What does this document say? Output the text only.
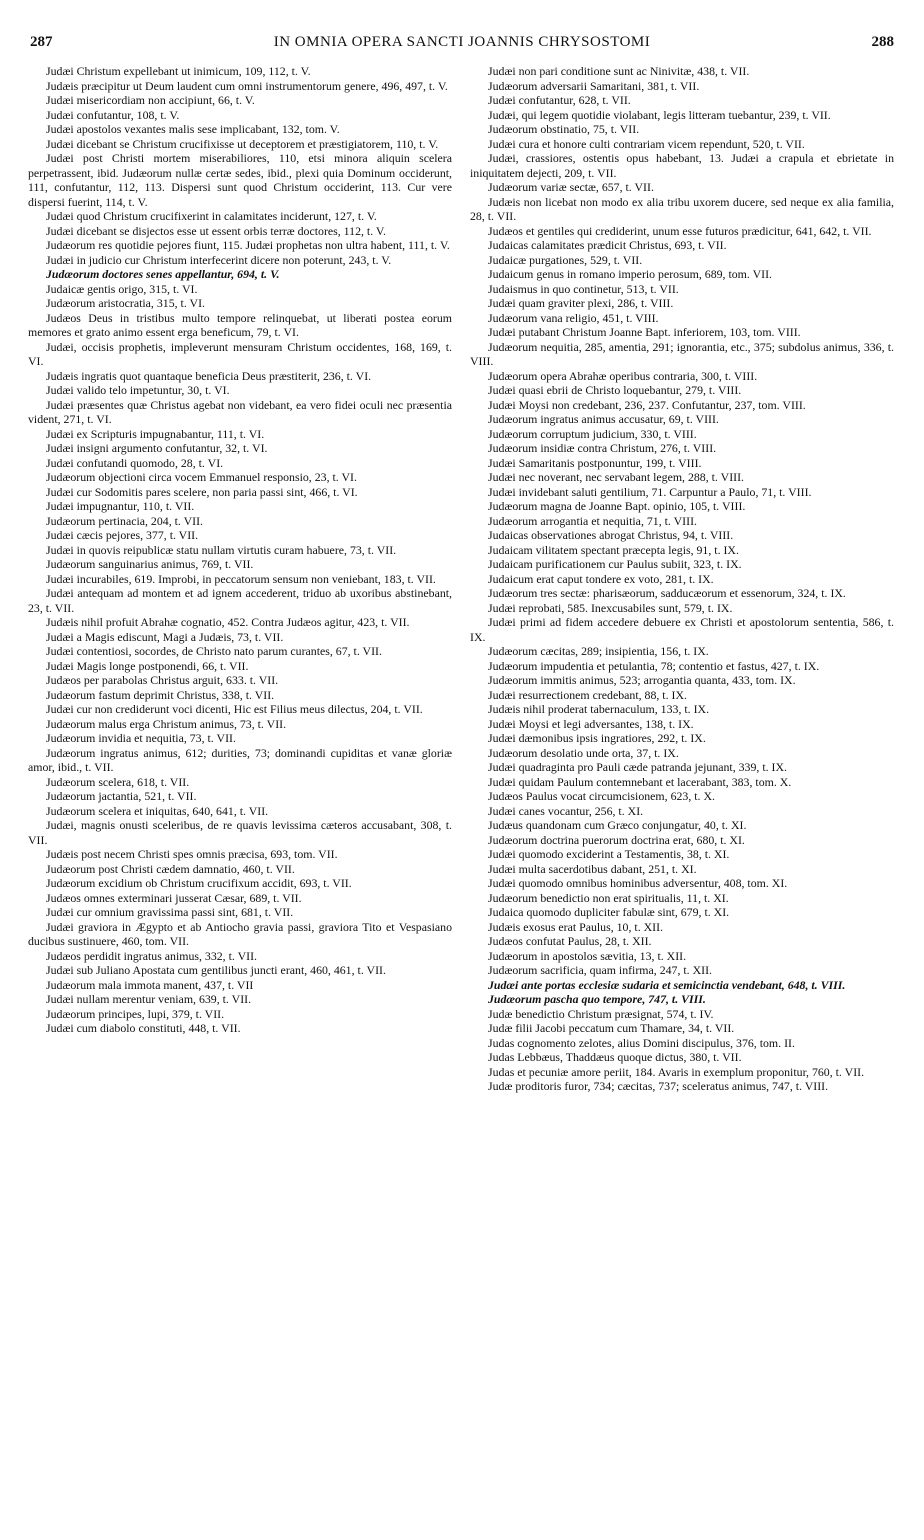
287	IN OMNIA OPERA SANCTI JOANNIS CHRYSOSTOMI	288

Judæi Christum expellebant ut inimicum, 109, 112, t. V.

Judæis præcipitur ut Deum laudent cum omni instrumentorum genere, 496, 497, t. V.

Judæi misericordiam non accipiunt, 66, t. V.

Judæi confutantur, 108, t. V.

Judæi apostolos vexantes malis sese implicabant, 132, tom. V.

Judæi dicebant se Christum crucifixisse ut deceptorem et præstigiatorem, 110, t. V.

Judæi post Christi mortem miserabiliores, 110, etsi minora aliquin scelera perpetrassent, ibid. Judæorum nullæ certæ sedes, ibid., plexi quia Dominum occiderunt, 111, confutantur, 112, 113. Dispersi sunt quod Christum occiderint, 113. Cur vere dispersi fuerint, 114, t. V.

Judæi quod Christum crucifixerint in calamitates inciderunt, 127, t. V.

Judæi dicebant se disjectos esse ut essent orbis terræ doctores, 112, t. V.

Judæorum res quotidie pejores fiunt, 115. Judæi prophetas non ultra habent, 111, t. V.

Judæi in judicio cur Christum interfecerint dicere non poterunt, 243, t. V.

Judæorum doctores senes appellantur, 694, t. V.

Judaicæ gentis origo, 315, t. VI.

Judæorum aristocratia, 315, t. VI.

Judæos Deus in tristibus multo tempore relinquebat, ut liberati postea eorum memores et grato animo essent erga beneficum, 79, t. VI.

Judæi, occisis prophetis, impleverunt mensuram Christum occidentes, 168, 169, t. VI.

Judæis ingratis quot quantaque beneficia Deus præstiterit, 236, t. VI.

Judæi valido telo impetuntur, 30, t. VI.

Judæi præsentes quæ Christus agebat non videbant, ea vero fidei oculi nec præsentia vident, 271, t. VI.

Judæi ex Scripturis impugnabantur, 111, t. VI.

Judæi insigni argumento confutantur, 32, t. VI.

Judæi confutandi quomodo, 28, t. VI.

Judæorum objectioni circa vocem Emmanuel responsio, 23, t. VI.

Judæi cur Sodomitis pares scelere, non paria passi sint, 466, t. VI.

Judæi impugnantur, 110, t. VII.

Judæorum pertinacia, 204, t. VII.

Judæi cæcis pejores, 377, t. VII.

Judæi in quovis reipublicæ statu nullam virtutis curam habuere, 73, t. VII.

Judæorum sanguinarius animus, 769, t. VII.

Judæi incurabiles, 619. Improbi, in peccatorum sensum non veniebant, 183, t. VII.

Judæi antequam ad montem et ad ignem accederent, triduo ab uxoribus abstinebant, 23, t. VII.

Judæis nihil profuit Abrahæ cognatio, 452. Contra Judæos agitur, 423, t. VII.

Judæi a Magis ediscunt, Magi a Judæis, 73, t. VII.

Judæi contentiosi, socordes, de Christo nato parum curantes, 67, t. VII.

Judæi Magis longe postponendi, 66, t. VII.

Judæos per parabolas Christus arguit, 633. t. VII.

Judæorum fastum deprimit Christus, 338, t. VII.

Judæi cur non crediderunt voci dicenti, Hic est Filius meus dilectus, 204, t. VII.

Judæorum malus erga Christum animus, 73, t. VII.

Judæorum invidia et nequitia, 73, t. VII.

Judæorum ingratus animus, 612; durities, 73; dominandi cupiditas et vanæ gloriæ amor, ibid., t. VII.

Judæorum scelera, 618, t. VII.

Judæorum jactantia, 521, t. VII.

Judæorum scelera et iniquitas, 640, 641, t. VII.

Judæi, magnis onusti sceleribus, de re quavis levissima cæteros accusabant, 308, t. VII.

Judæis post necem Christi spes omnis præcisa, 693, tom. VII.

Judæorum post Christi cædem damnatio, 460, t. VII.

Judæorum excidium ob Christum crucifixum accidit, 693, t. VII.

Judæos omnes exterminari jusserat Cæsar, 689, t. VII.

Judæi cur omnium gravissima passi sint, 681, t. VII.

Judæi graviora in Ægypto et ab Antiocho gravia passi, graviora Tito et Vespasiano ducibus sustinuere, 460, tom. VII.

Judæos perdidit ingratus animus, 332, t. VII.

Judæi sub Juliano Apostata cum gentilibus juncti erant, 460, 461, t. VII.

Judæorum mala immota manent, 437, t. VII

Judæi nullam merentur veniam, 639, t. VII.

Judæorum principes, lupi, 379, t. VII.

Judæi cum diabolo constituti, 448, t. VII.

Judæi non pari conditione sunt ac Ninivitæ, 438, t. VII.

Judæorum adversarii Samaritani, 381, t. VII.

Judæi confutantur, 628, t. VII.

Judæi, qui legem quotidie violabant, legis litteram tuebantur, 239, t. VII.

Judæorum obstinatio, 75, t. VII.

Judæi cura et honore culti contrariam vicem rependunt, 520, t. VII.

Judæi, crassiores, ostentis opus habebant, 13. Judæi a crapula et ebrietate in iniquitatem dejecti, 209, t. VII.

Judæorum variæ sectæ, 657, t. VII.

Judæis non licebat non modo ex alia tribu uxorem ducere, sed neque ex alia familia, 28, t. VII.

Judæos et gentiles qui crediderint, unum esse futuros prædicitur, 641, 642, t. VII.

Judaicas calamitates prædicit Christus, 693, t. VII.

Judaicæ purgationes, 529, t. VII.

Judaicum genus in romano imperio perosum, 689, tom. VII.

Judaismus in quo continetur, 513, t. VII.

Judæi quam graviter plexi, 286, t. VIII.

Judæorum vana religio, 451, t. VIII.

Judæi putabant Christum Joanne Bapt. inferiorem, 103, tom. VIII.

Judæorum nequitia, 285, amentia, 291; ignorantia, etc., 375; subdolus animus, 336, t. VIII.

Judæorum opera Abrahæ operibus contraria, 300, t. VIII.

Judæi quasi ebrii de Christo loquebantur, 279, t. VIII.

Judæi Moysi non credebant, 236, 237. Confutantur, 237, tom. VIII.

Judæorum ingratus animus accusatur, 69, t. VIII.

Judæorum corruptum judicium, 330, t. VIII.

Judæorum insidiæ contra Christum, 276, t. VIII.

Judæi Samaritanis postponuntur, 199, t. VIII.

Judæi nec noverant, nec servabant legem, 288, t. VIII.

Judæi invidebant saluti gentilium, 71. Carpuntur a Paulo, 71, t. VIII.

Judæorum magna de Joanne Bapt. opinio, 105, t. VIII.

Judæorum arrogantia et nequitia, 71, t. VIII.

Judaicas observationes abrogat Christus, 94, t. VIII.

Judaicam vilitatem spectant præcepta legis, 91, t. IX.

Judaicam purificationem cur Paulus subiit, 323, t. IX.

Judaicum erat caput tondere ex voto, 281, t. IX.

Judæorum tres sectæ: pharisæorum, sadducæorum et essenorum, 324, t. IX.

Judæi reprobati, 585. Inexcusabiles sunt, 579, t. IX.

Judæi primi ad fidem accedere debuere ex Christi et apostolorum sententia, 586, t. IX.

Judæorum cæcitas, 289; insipientia, 156, t. IX.

Judæorum impudentia et petulantia, 78; contentio et fastus, 427, t. IX.

Judæorum immitis animus, 523; arrogantia quanta, 433, tom. IX.

Judæi resurrectionem credebant, 88, t. IX.

Judæis nihil proderat tabernaculum, 133, t. IX.

Judæi Moysi et legi adversantes, 138, t. IX.

Judæi dæmonibus ipsis ingratiores, 292, t. IX.

Judæorum desolatio unde orta, 37, t. IX.

Judæi quadraginta pro Pauli cæde patranda jejunant, 339, t. IX.

Judæi quidam Paulum contemnebant et lacerabant, 383, tom. X.

Judæos Paulus vocat circumcisionem, 623, t. X.

Judæi canes vocantur, 256, t. XI.

Judæus quandonam cum Græco conjungatur, 40, t. XI.

Judæorum doctrina puerorum doctrina erat, 680, t. XI.

Judæi quomodo exciderint a Testamentis, 38, t. XI.

Judæi multa sacerdotibus dabant, 251, t. XI.

Judæi quomodo omnibus hominibus adversentur, 408, tom. XI.

Judæorum benedictio non erat spiritualis, 11, t. XI.

Judaica quomodo dupliciter fabulæ sint, 679, t. XI.

Judæis exosus erat Paulus, 10, t. XII.

Judæos confutat Paulus, 28, t. XII.

Judæorum in apostolos sævitia, 13, t. XII.

Judæorum sacrificia, quam infirma, 247, t. XII.

Judæi ante portas ecclesiæ sudaria et semicinctia vendebant, 648, t. VIII.

Judæorum pascha quo tempore, 747, t. VIII.

Judæ benedictio Christum præsignat, 574, t. IV.

Judæ filii Jacobi peccatum cum Thamare, 34, t. VII.

Judas cognomento zelotes, alius Domini discipulus, 376, tom. II.

Judas Lebbæus, Thaddæus quoque dictus, 380, t. VII.

Judas et pecuniæ amore periit, 184. Avaris in exemplum proponitur, 760, t. VII.

Judæ proditoris furor, 734; cæcitas, 737; sceleratus animus, 747, t. VIII.
